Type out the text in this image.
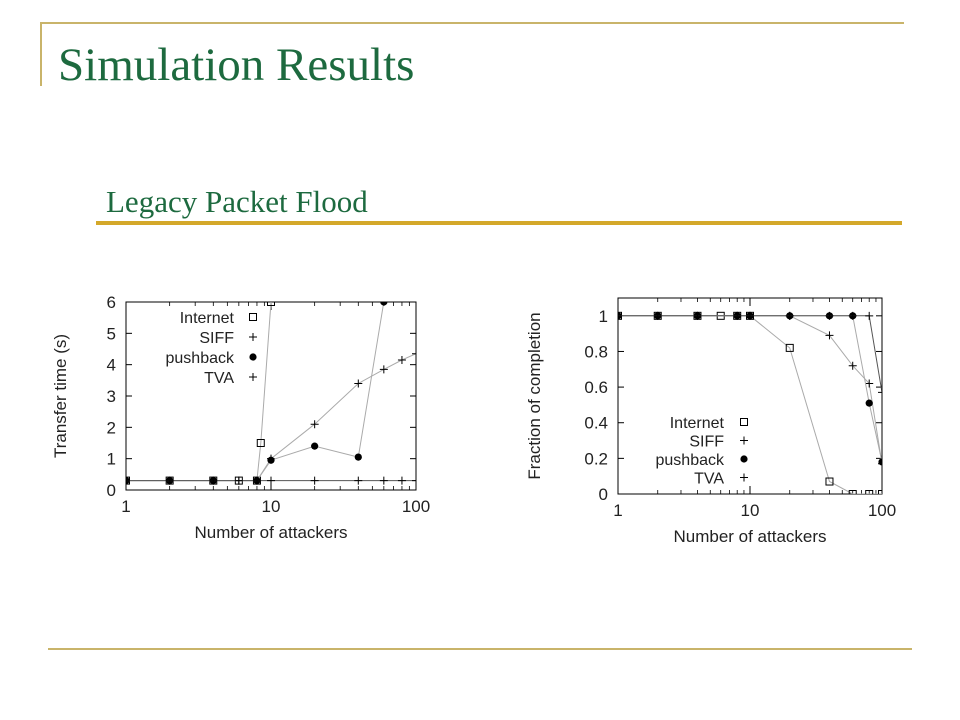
Simulation Results
Legacy Packet Flood
1	10	100
0
1
2
3
4
5
6
Number of attackers
Transfer time (s)
Internet
SIFF
pushback
TVA
1	10	100
0
0.2
0.4
0.6
0.8
1
Number of attackers
Fraction of completion	Internet
SIFF
pushback
TVA
